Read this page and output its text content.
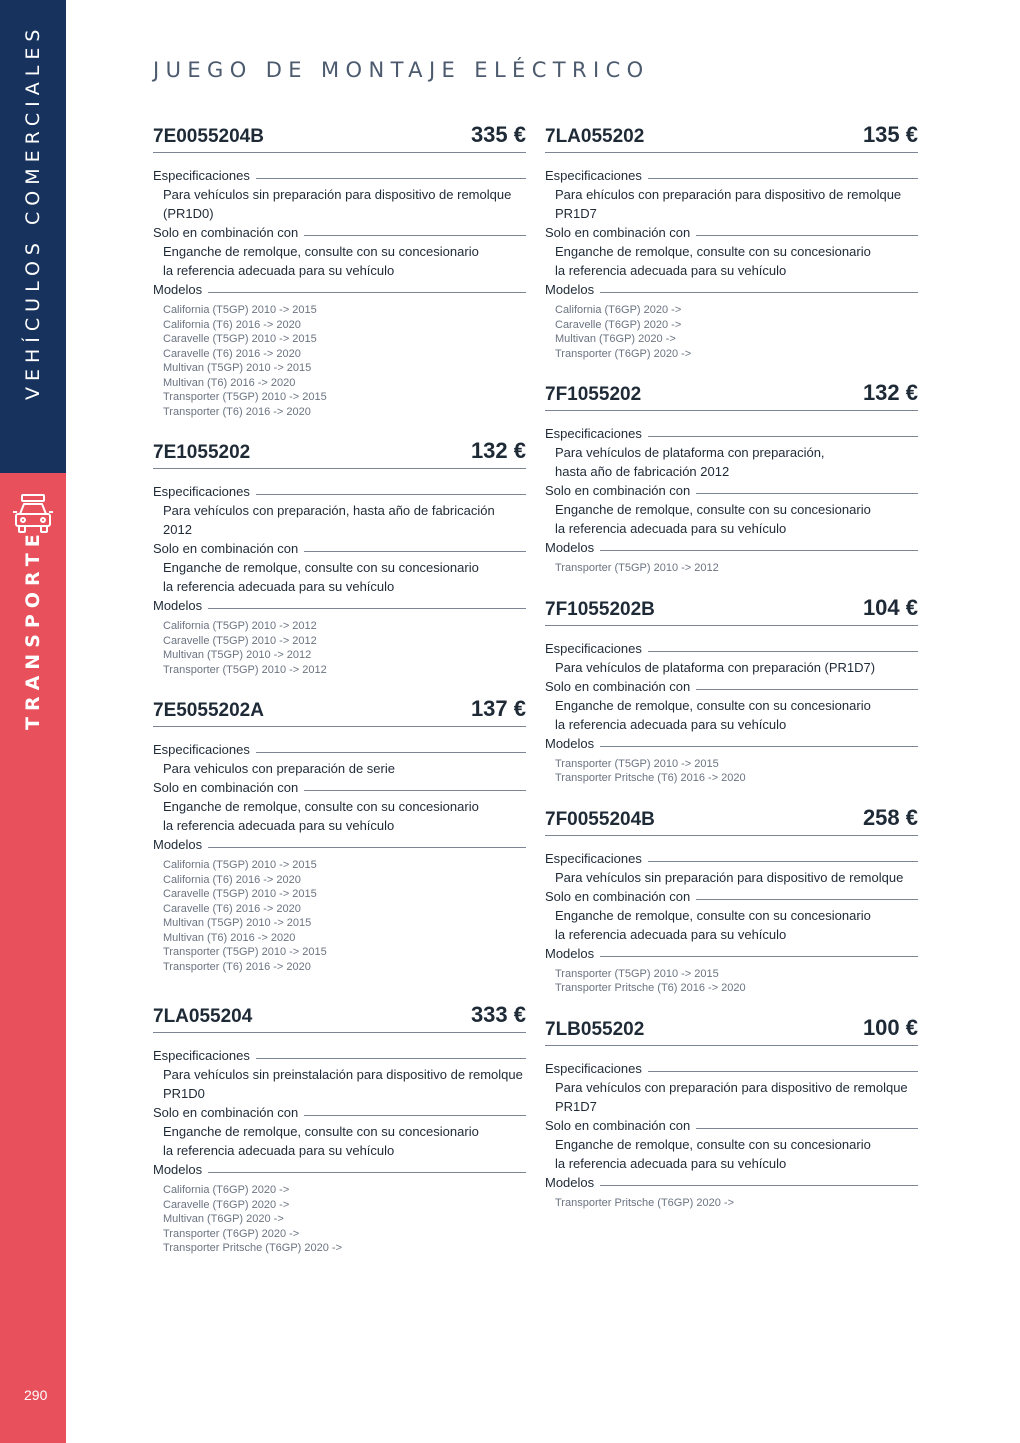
VEHÍCULOS COMERCIALES
TRANSPORTE
290
JUEGO DE MONTAJE ELÉCTRICO
7E0055204B	335 €
Especificaciones
Para vehículos sin preparación para dispositivo de remolque
(PR1D0)
Solo en combinación con
Enganche de remolque, consulte con su concesionario
la referencia adecuada para su vehículo
Modelos
California (T5GP) 2010 -> 2015
California (T6) 2016 -> 2020
Caravelle (T5GP) 2010 -> 2015
Caravelle (T6) 2016 -> 2020
Multivan (T5GP) 2010 -> 2015
Multivan (T6) 2016 -> 2020
Transporter (T5GP) 2010 -> 2015
Transporter (T6) 2016 -> 2020
7E1055202	132 €
Especificaciones
Para vehículos con preparación, hasta año de fabricación 2012
Solo en combinación con
Enganche de remolque, consulte con su concesionario
la referencia adecuada para su vehículo
Modelos
California (T5GP) 2010 -> 2012
Caravelle (T5GP) 2010 -> 2012
Multivan (T5GP) 2010 -> 2012
Transporter (T5GP) 2010 -> 2012
7E5055202A	137 €
Especificaciones
Para vehiculos con preparación de serie
Solo en combinación con
Enganche de remolque, consulte con su concesionario
la referencia adecuada para su vehículo
Modelos
California (T5GP) 2010 -> 2015
California (T6) 2016 -> 2020
Caravelle (T5GP) 2010 -> 2015
Caravelle (T6) 2016 -> 2020
Multivan (T5GP) 2010 -> 2015
Multivan (T6) 2016 -> 2020
Transporter (T5GP) 2010 -> 2015
Transporter (T6) 2016 -> 2020
7LA055204	333 €
Especificaciones
Para vehículos sin preinstalación para dispositivo de remolque
PR1D0
Solo en combinación con
Enganche de remolque, consulte con su concesionario
la referencia adecuada para su vehículo
Modelos
California (T6GP) 2020 ->
Caravelle (T6GP) 2020 ->
Multivan (T6GP) 2020 ->
Transporter (T6GP) 2020 ->
Transporter Pritsche (T6GP) 2020 ->
7LA055202	135 €
Especificaciones
Para ehículos con preparación para dispositivo de remolque
PR1D7
Solo en combinación con
Enganche de remolque, consulte con su concesionario
la referencia adecuada para su vehículo
Modelos
California (T6GP) 2020 ->
Caravelle (T6GP) 2020 ->
Multivan (T6GP) 2020 ->
Transporter (T6GP) 2020 ->
7F1055202	132 €
Especificaciones
Para vehículos de plataforma con preparación,
hasta año de fabricación 2012
Solo en combinación con
Enganche de remolque, consulte con su concesionario
la referencia adecuada para su vehículo
Modelos
Transporter (T5GP) 2010 -> 2012
7F1055202B	104 €
Especificaciones
Para vehículos de plataforma con preparación (PR1D7)
Solo en combinación con
Enganche de remolque, consulte con su concesionario
la referencia adecuada para su vehículo
Modelos
Transporter (T5GP) 2010 -> 2015
Transporter Pritsche (T6) 2016 -> 2020
7F0055204B	258 €
Especificaciones
Para vehículos sin preparación para dispositivo de remolque
Solo en combinación con
Enganche de remolque, consulte con su concesionario
la referencia adecuada para su vehículo
Modelos
Transporter (T5GP) 2010 -> 2015
Transporter Pritsche (T6) 2016 -> 2020
7LB055202	100 €
Especificaciones
Para vehículos con preparación para dispositivo de remolque
PR1D7
Solo en combinación con
Enganche de remolque, consulte con su concesionario
la referencia adecuada para su vehículo
Modelos
Transporter Pritsche (T6GP) 2020 ->
